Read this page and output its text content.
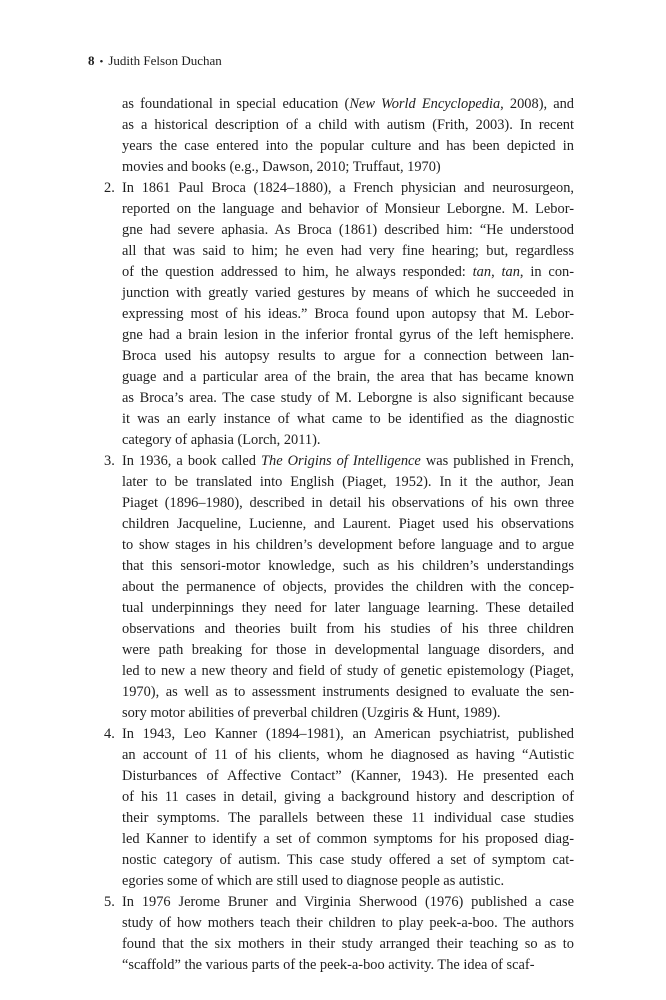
8 • Judith Felson Duchan
as foundational in special education (New World Encyclopedia, 2008), and
as a historical description of a child with autism (Frith, 2003). In recent
years the case entered into the popular culture and has been depicted in
movies and books (e.g., Dawson, 2010; Truffaut, 1970)
2. In 1861 Paul Broca (1824–1880), a French physician and neurosurgeon,
reported on the language and behavior of Monsieur Leborgne. M. Lebor-
gne had severe aphasia. As Broca (1861) described him: “He understood
all that was said to him; he even had very fine hearing; but, regardless
of the question addressed to him, he always responded: tan, tan, in con-
junction with greatly varied gestures by means of which he succeeded in
expressing most of his ideas.” Broca found upon autopsy that M. Lebor-
gne had a brain lesion in the inferior frontal gyrus of the left hemisphere.
Broca used his autopsy results to argue for a connection between lan-
guage and a particular area of the brain, the area that has became known
as Broca’s area. The case study of M. Leborgne is also significant because
it was an early instance of what came to be identified as the diagnostic
category of aphasia (Lorch, 2011).
3. In 1936, a book called The Origins of Intelligence was published in French,
later to be translated into English (Piaget, 1952). In it the author, Jean
Piaget (1896–1980), described in detail his observations of his own three
children Jacqueline, Lucienne, and Laurent. Piaget used his observations
to show stages in his children’s development before language and to argue
that this sensori-motor knowledge, such as his children’s understandings
about the permanence of objects, provides the children with the concep-
tual underpinnings they need for later language learning. These detailed
observations and theories built from his studies of his three children
were path breaking for those in developmental language disorders, and
led to new a new theory and field of study of genetic epistemology (Piaget,
1970), as well as to assessment instruments designed to evaluate the sen-
sory motor abilities of preverbal children (Uzgiris & Hunt, 1989).
4. In 1943, Leo Kanner (1894–1981), an American psychiatrist, published
an account of 11 of his clients, whom he diagnosed as having “Autistic
Disturbances of Affective Contact” (Kanner, 1943). He presented each
of his 11 cases in detail, giving a background history and description of
their symptoms. The parallels between these 11 individual case studies
led Kanner to identify a set of common symptoms for his proposed diag-
nostic category of autism. This case study offered a set of symptom cat-
egories some of which are still used to diagnose people as autistic.
5. In 1976 Jerome Bruner and Virginia Sherwood (1976) published a case
study of how mothers teach their children to play peek-a-boo. The authors
found that the six mothers in their study arranged their teaching so as to
“scaffold” the various parts of the peek-a-boo activity. The idea of scaf-
